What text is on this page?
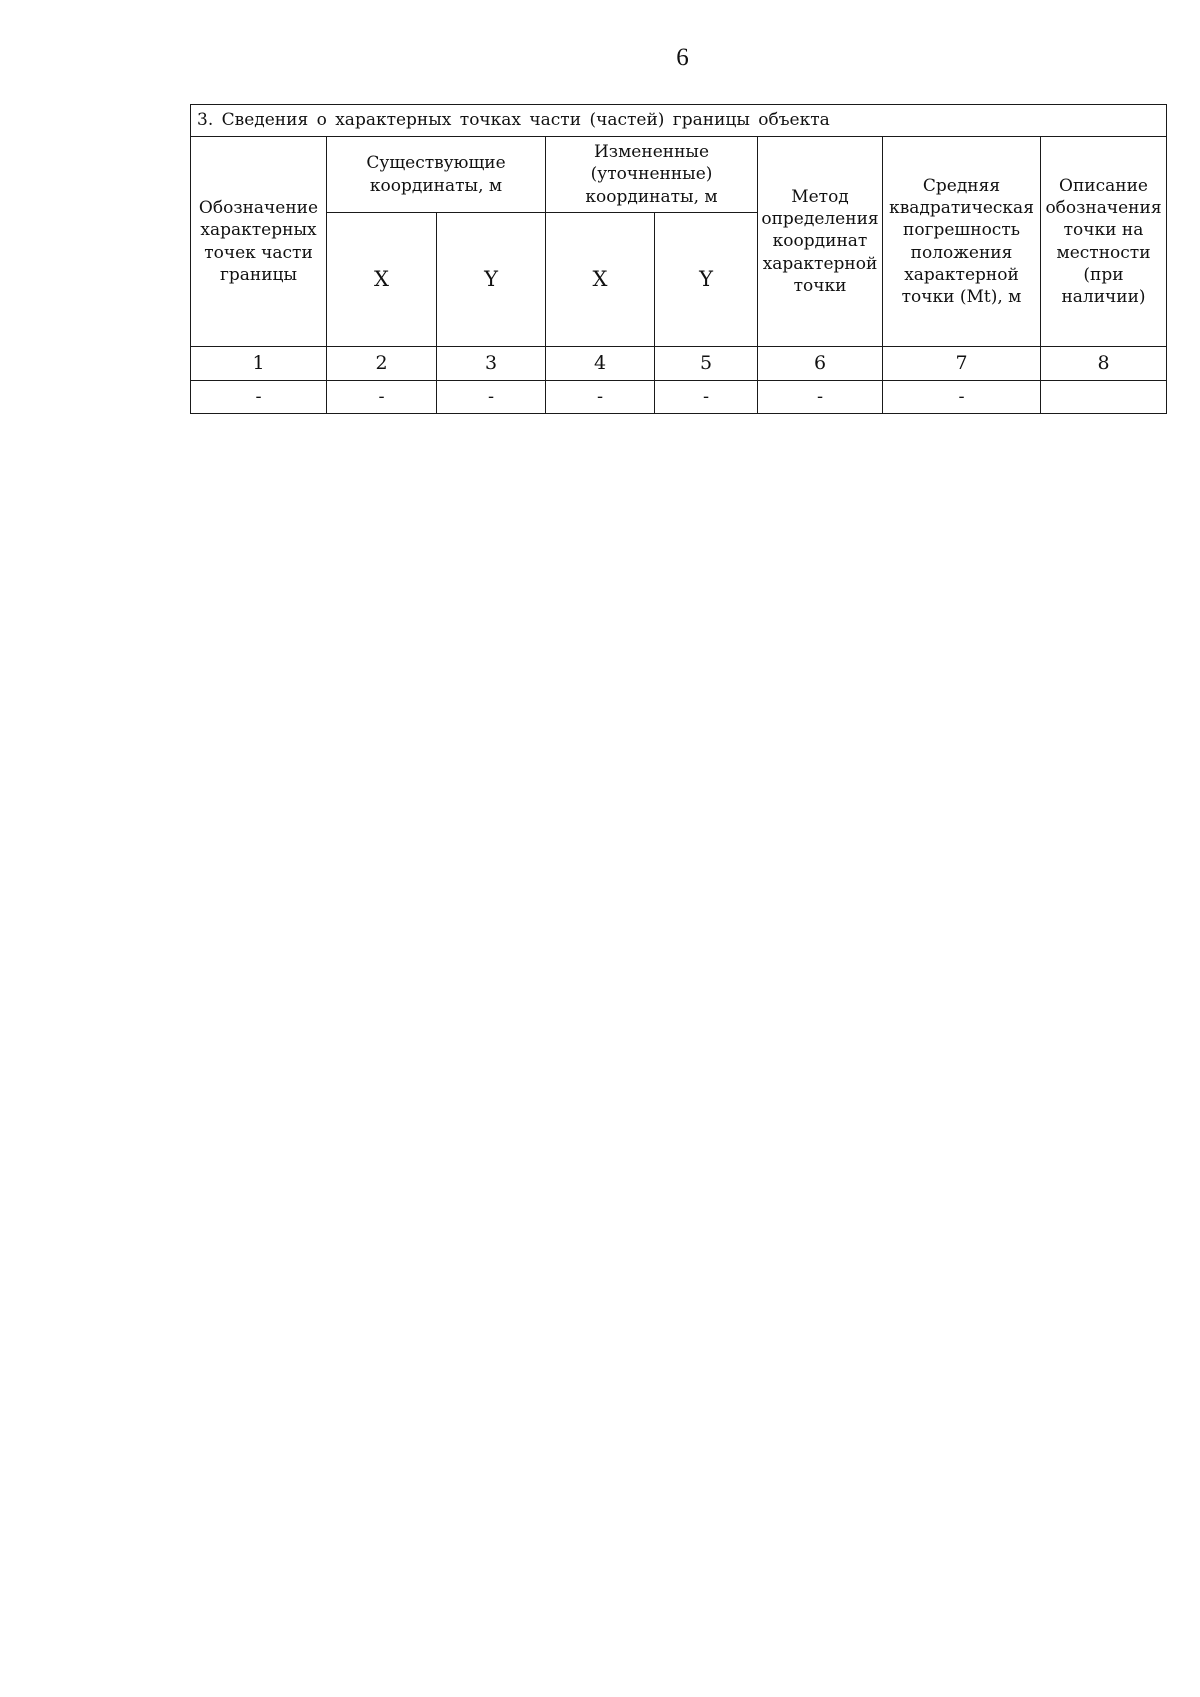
6
3. Сведения о характерных точках части (частей) границы объекта							
Обозначение характерных точек части границы	Существующие координаты, м		Измененные (уточненные) координаты, м		Метод определения координат характерной точки	Средняя квадратическая погрешность положения характерной точки (Mt), м	Описание обозначения точки на местности (при наличии)
	X	Y	X	Y			
1	2	3	4	5	6	7	8
-	-	-	-	-	-	-	
